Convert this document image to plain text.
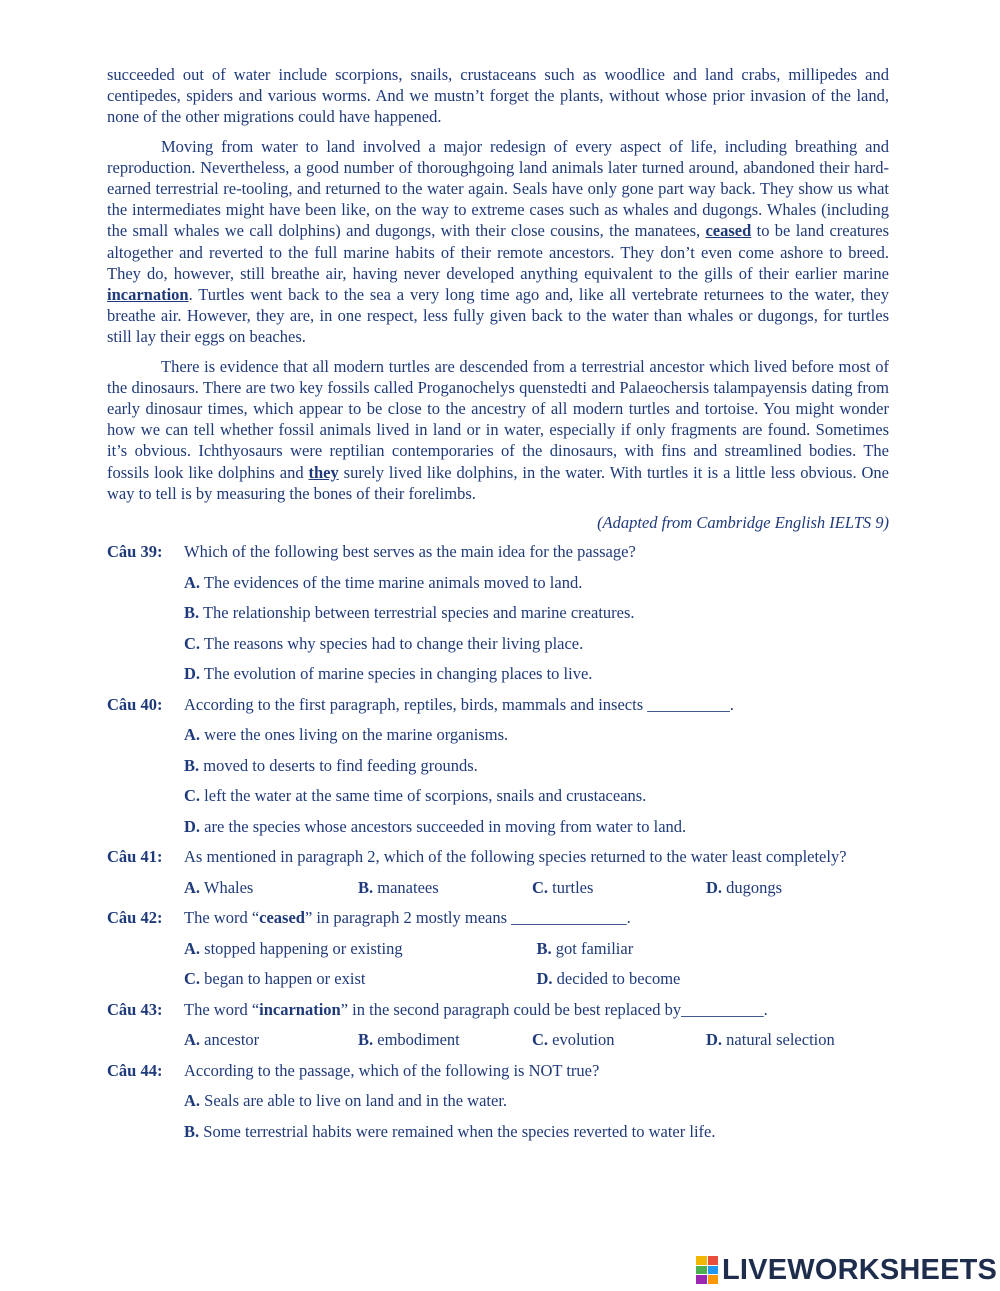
succeeded out of water include scorpions, snails, crustaceans such as woodlice and land crabs, millipedes and centipedes, spiders and various worms. And we mustn’t forget the plants, without whose prior invasion of the land, none of the other migrations could have happened.

Moving from water to land involved a major redesign of every aspect of life, including breathing and reproduction. Nevertheless, a good number of thoroughgoing land animals later turned around, abandoned their hard-earned terrestrial re-tooling, and returned to the water again. Seals have only gone part way back. They show us what the intermediates might have been like, on the way to extreme cases such as whales and dugongs. Whales (including the small whales we call dolphins) and dugongs, with their close cousins, the manatees, ceased to be land creatures altogether and reverted to the full marine habits of their remote ancestors. They don’t even come ashore to breed. They do, however, still breathe air, having never developed anything equivalent to the gills of their earlier marine incarnation. Turtles went back to the sea a very long time ago and, like all vertebrate returnees to the water, they breathe air. However, they are, in one respect, less fully given back to the water than whales or dugongs, for turtles still lay their eggs on beaches.

There is evidence that all modern turtles are descended from a terrestrial ancestor which lived before most of the dinosaurs. There are two key fossils called Proganochelys quenstedti and Palaeochersis talampayensis dating from early dinosaur times, which appear to be close to the ancestry of all modern turtles and tortoise. You might wonder how we can tell whether fossil animals lived in land or in water, especially if only fragments are found. Sometimes it’s obvious. Ichthyosaurs were reptilian contemporaries of the dinosaurs, with fins and streamlined bodies. The fossils look like dolphins and they surely lived like dolphins, in the water. With turtles it is a little less obvious. One way to tell is by measuring the bones of their forelimbs.

(Adapted from Cambridge English IELTS 9)
Câu 39: Which of the following best serves as the main idea for the passage?
A. The evidences of the time marine animals moved to land.
B. The relationship between terrestrial species and marine creatures.
C. The reasons why species had to change their living place.
D. The evolution of marine species in changing places to live.
Câu 40: According to the first paragraph, reptiles, birds, mammals and insects __________.
A. were the ones living on the marine organisms.
B. moved to deserts to find feeding grounds.
C. left the water at the same time of scorpions, snails and crustaceans.
D. are the species whose ancestors succeeded in moving from water to land.
Câu 41: As mentioned in paragraph 2, which of the following species returned to the water least completely?
A. Whales	B. manatees	C. turtles	D. dugongs
Câu 42: The word “ceased” in paragraph 2 mostly means ______________.
A. stopped happening or existing	B. got familiar
C. began to happen or exist	D. decided to become
Câu 43: The word “incarnation” in the second paragraph could be best replaced by__________.
A. ancestor	B. embodiment	C. evolution	D. natural selection
Câu 44: According to the passage, which of the following is NOT true?
A. Seals are able to live on land and in the water.
B. Some terrestrial habits were remained when the species reverted to water life.
LIVEWORKSHEETS
